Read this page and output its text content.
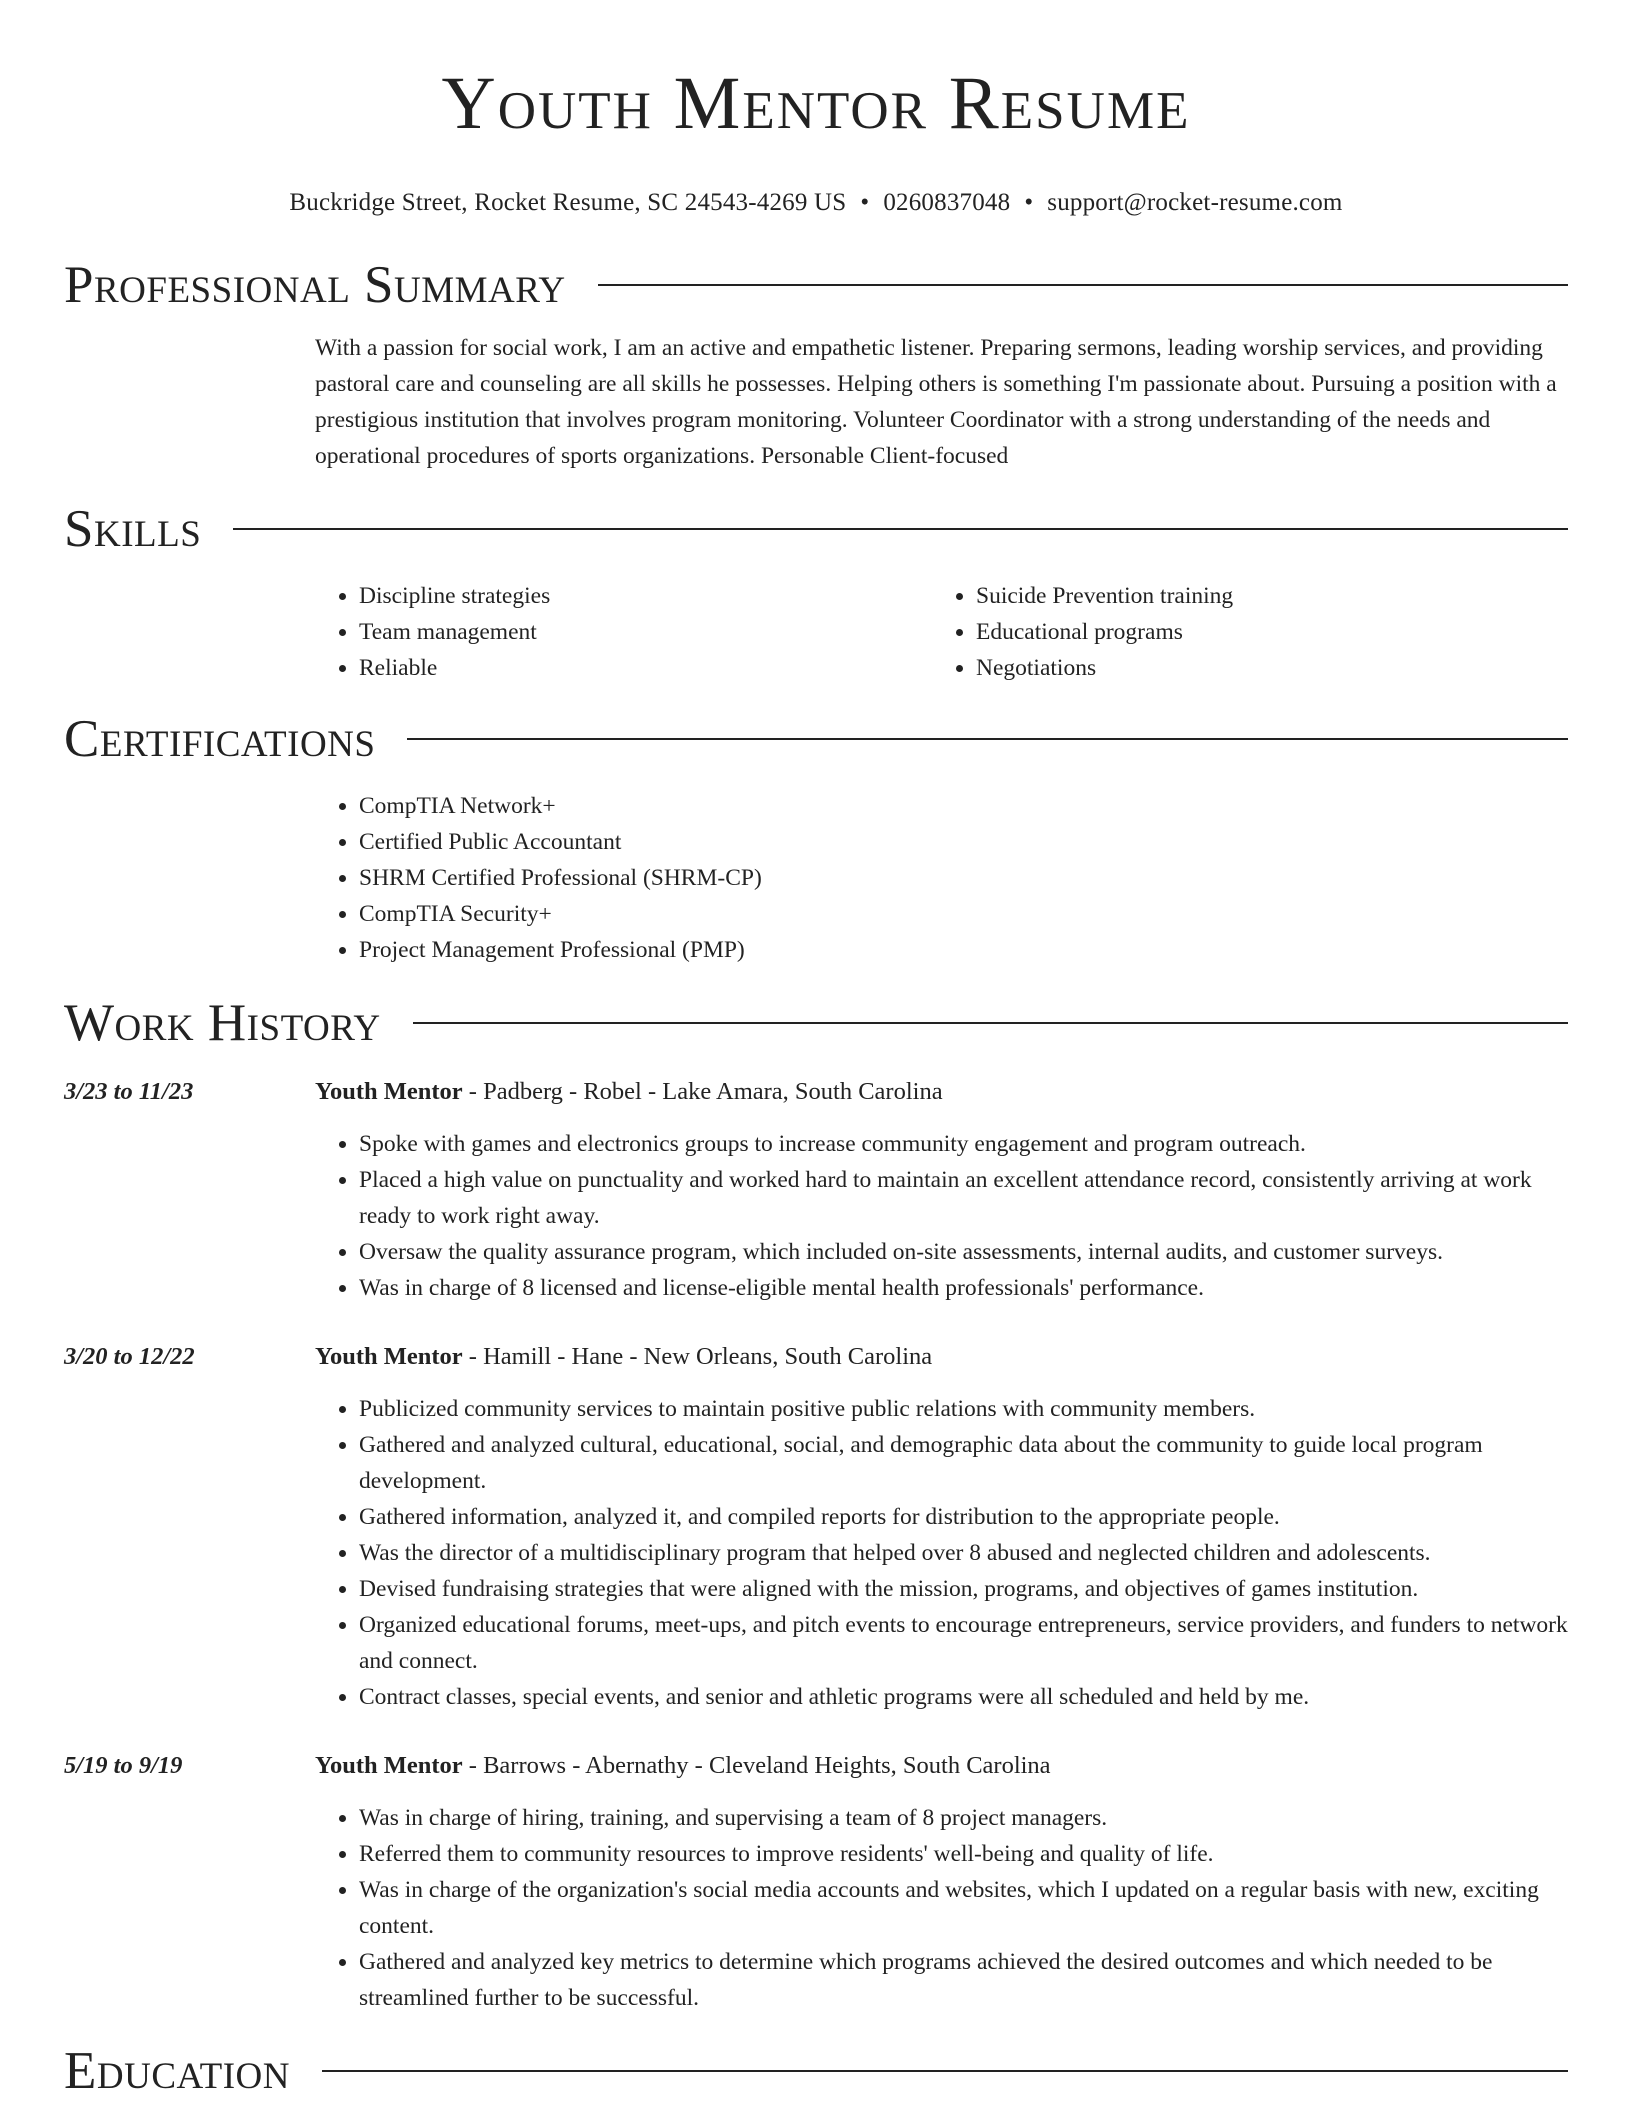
Youth Mentor Resume
Buckridge Street, Rocket Resume, SC 24543-4269 US • 0260837048 • support@rocket-resume.com
Professional Summary

With a passion for social work, I am an active and empathetic listener. Preparing sermons, leading worship services, and providing pastoral care and counseling are all skills he possesses. Helping others is something I'm passionate about. Pursuing a position with a prestigious institution that involves program monitoring. Volunteer Coordinator with a strong understanding of the needs and operational procedures of sports organizations. Personable Client-focused

Skills
• Discipline strategies
• Team management
• Reliable
• Suicide Prevention training
• Educational programs
• Negotiations
Certifications
• CompTIA Network+
• Certified Public Accountant
• SHRM Certified Professional (SHRM-CP)
• CompTIA Security+
• Project Management Professional (PMP)
Work History
3/23 to 11/23	Youth Mentor - Padberg - Robel - Lake Amara, South Carolina
• Spoke with games and electronics groups to increase community engagement and program outreach.
• Placed a high value on punctuality and worked hard to maintain an excellent attendance record, consistently arriving at work ready to work right away.
• Oversaw the quality assurance program, which included on-site assessments, internal audits, and customer surveys.
• Was in charge of 8 licensed and license-eligible mental health professionals' performance.
3/20 to 12/22	Youth Mentor - Hamill - Hane - New Orleans, South Carolina
• Publicized community services to maintain positive public relations with community members.
• Gathered and analyzed cultural, educational, social, and demographic data about the community to guide local program development.
• Gathered information, analyzed it, and compiled reports for distribution to the appropriate people.
• Was the director of a multidisciplinary program that helped over 8 abused and neglected children and adolescents.
• Devised fundraising strategies that were aligned with the mission, programs, and objectives of games institution.
• Organized educational forums, meet-ups, and pitch events to encourage entrepreneurs, service providers, and funders to network and connect.
• Contract classes, special events, and senior and athletic programs were all scheduled and held by me.
5/19 to 9/19	Youth Mentor - Barrows - Abernathy - Cleveland Heights, South Carolina
• Was in charge of hiring, training, and supervising a team of 8 project managers.
• Referred them to community resources to improve residents' well-being and quality of life.
• Was in charge of the organization's social media accounts and websites, which I updated on a regular basis with new, exciting content.
• Gathered and analyzed key metrics to determine which programs achieved the desired outcomes and which needed to be streamlined further to be successful.
Education
